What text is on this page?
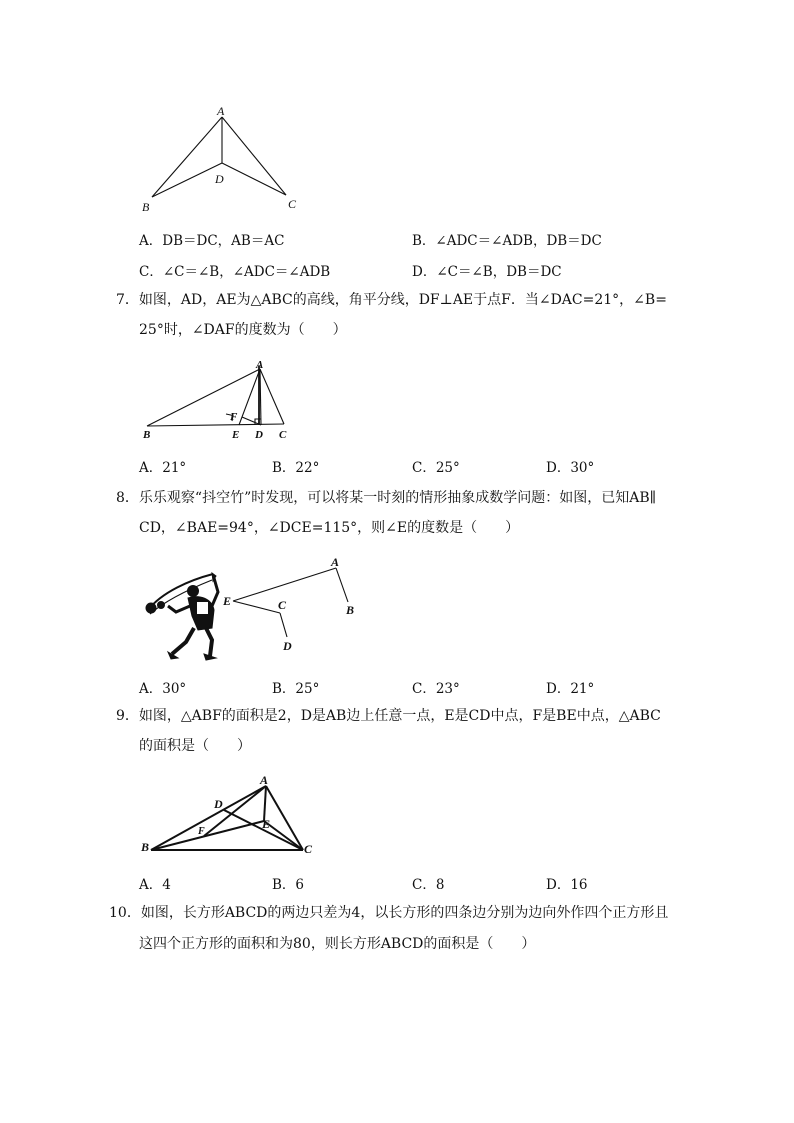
A
B	C
D
A．DB＝DC，AB＝AC	B．∠ADC＝∠ADB，DB＝DC
C．∠C＝∠B，∠ADC＝∠ADB	D．∠C＝∠B，DB＝DC
7．如图，AD，AE为△ABC的高线，角平分线，DF⊥AE于点F．当∠DAC=21°，∠B=
25°时，∠DAF的度数为（　　）
A
F
B	E D C
A．21°	B．22°	C．25°	D．30°
8．乐乐观察“抖空竹”时发现，可以将某一时刻的情形抽象成数学问题：如图，已知AB∥
CD，∠BAE=94°，∠DCE=115°，则∠E的度数是（　　）
E	C
D
A
B
A．30°	B．25°	C．23°	D．21°
9．如图，△ABF的面积是2，D是AB边上任意一点，E是CD中点，F是BE中点，△ABC
的面积是（　　）
A
D
F
E
B	C
A．4	B．6	C．8	D．16
10．如图，长方形ABCD的两边只差为4，以长方形的四条边分别为边向外作四个正方形且
这四个正方形的面积和为80，则长方形ABCD的面积是（　　）
